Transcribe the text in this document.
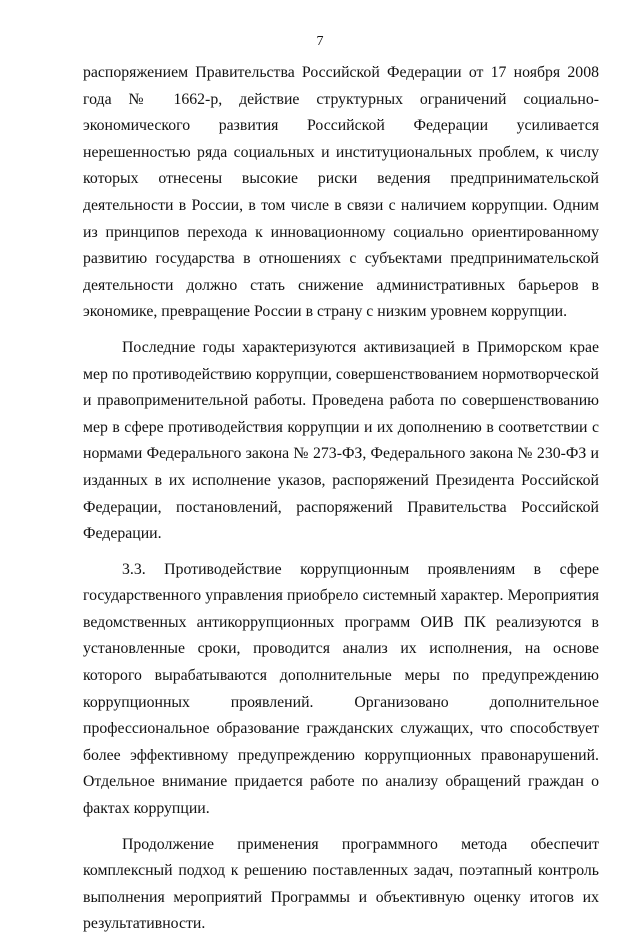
7

распоряжением Правительства Российской Федерации от 17 ноября 2008 года № 1662-р, действие структурных ограничений социально-экономического развития Российской Федерации усиливается нерешенностью ряда социальных и институциональных проблем, к числу которых отнесены высокие риски ведения предпринимательской деятельности в России, в том числе в связи с наличием коррупции. Одним из принципов перехода к инновационному социально ориентированному развитию государства в отношениях с субъектами предпринимательской деятельности должно стать снижение административных барьеров в экономике, превращение России в страну с низким уровнем коррупции.

Последние годы характеризуются активизацией в Приморском крае мер по противодействию коррупции, совершенствованием нормотворческой и правоприменительной работы. Проведена работа по совершенствованию мер в сфере противодействия коррупции и их дополнению в соответствии с нормами Федерального закона № 273-ФЗ, Федерального закона № 230-ФЗ и изданных в их исполнение указов, распоряжений Президента Российской Федерации, постановлений, распоряжений Правительства Российской Федерации.

3.3. Противодействие коррупционным проявлениям в сфере государственного управления приобрело системный характер. Мероприятия ведомственных антикоррупционных программ ОИВ ПК реализуются в установленные сроки, проводится анализ их исполнения, на основе которого вырабатываются дополнительные меры по предупреждению коррупционных проявлений. Организовано дополнительное профессиональное образование гражданских служащих, что способствует более эффективному предупреждению коррупционных правонарушений. Отдельное внимание придается работе по анализу обращений граждан о фактах коррупции.

Продолжение применения программного метода обеспечит комплексный подход к решению поставленных задач, поэтапный контроль выполнения мероприятий Программы и объективную оценку итогов их результативности.
